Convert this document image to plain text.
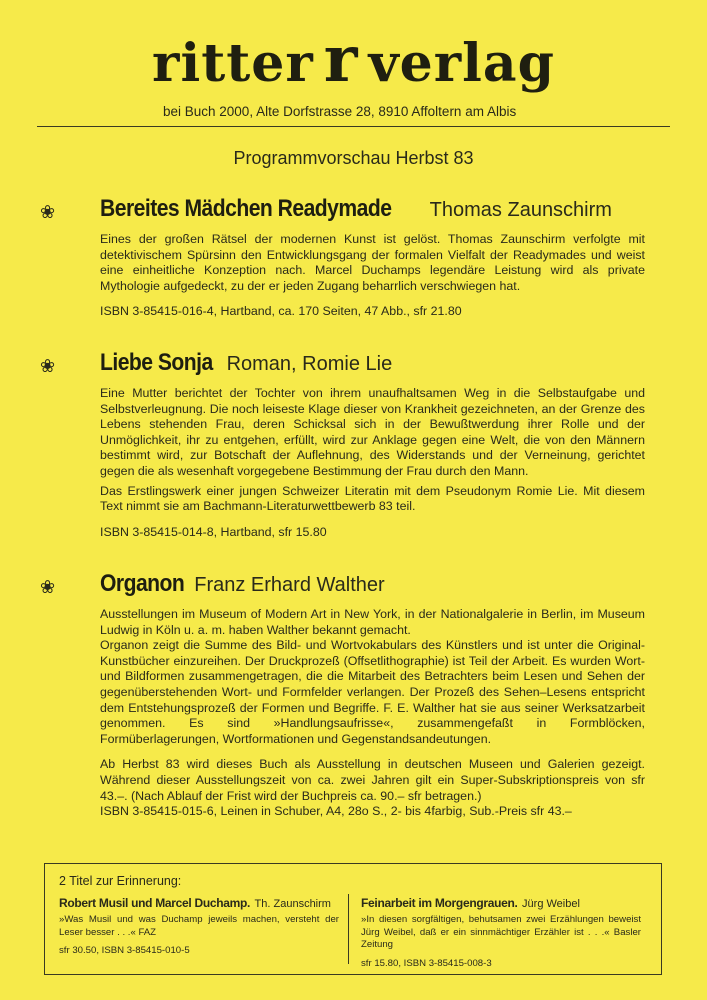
ritter r verlag
bei Buch 2000, Alte Dorfstrasse 28, 8910 Affoltern am Albis
Programmvorschau Herbst 83
❀ Bereites Mädchen Readymade Thomas Zaunschirm

Eines der großen Rätsel der modernen Kunst ist gelöst. Thomas Zaunschirm verfolgte mit detektivischem Spürsinn den Entwicklungsgang der formalen Vielfalt der Readymades und weist eine einheitliche Konzeption nach. Marcel Duchamps legendäre Leistung wird als private Mythologie aufgedeckt, zu der er jeden Zugang beharrlich verschwiegen hat.

ISBN 3-85415-016-4, Hartband, ca. 170 Seiten, 47 Abb., sfr 21.80

❀ Liebe Sonja Roman, Romie Lie

Eine Mutter berichtet der Tochter von ihrem unaufhaltsamen Weg in die Selbstaufgabe und Selbstverleugnung. Die noch leiseste Klage dieser von Krankheit gezeichneten, an der Grenze des Lebens stehenden Frau, deren Schicksal sich in der Bewußtwerdung ihrer Rolle und der Unmöglichkeit, ihr zu entgehen, erfüllt, wird zur Anklage gegen eine Welt, die von den Männern bestimmt wird, zur Botschaft der Auflehnung, des Widerstands und der Verneinung, gerichtet gegen die als wesenhaft vorgegebene Bestimmung der Frau durch den Mann.

Das Erstlingswerk einer jungen Schweizer Literatin mit dem Pseudonym Romie Lie. Mit diesem Text nimmt sie am Bachmann-Literaturwettbewerb 83 teil.

ISBN 3-85415-014-8, Hartband, sfr 15.80

❀ Organon Franz Erhard Walther

Ausstellungen im Museum of Modern Art in New York, in der Nationalgalerie in Berlin, im Museum Ludwig in Köln u. a. m. haben Walther bekannt gemacht.

Organon zeigt die Summe des Bild- und Wortvokabulars des Künstlers und ist unter die Original-Kunstbücher einzureihen. Der Druckprozeß (Offsetlithographie) ist Teil der Arbeit. Es wurden Wort- und Bildformen zusammengetragen, die die Mitarbeit des Betrachters beim Lesen und Sehen der gegenüberstehenden Wort- und Formfelder verlangen. Der Prozeß des Sehen–Lesens entspricht dem Entstehungsprozeß der Formen und Begriffe. F. E. Walther hat sie aus seiner Werksatzarbeit genommen. Es sind »Handlungsaufrisse«, zusammengefaßt in Formblöcken, Formüberlagerungen, Wortformationen und Gegenstandsandeutungen.

Ab Herbst 83 wird dieses Buch als Ausstellung in deutschen Museen und Galerien gezeigt. Während dieser Ausstellungszeit von ca. zwei Jahren gilt ein Super-Subskriptionspreis von sfr 43.–. (Nach Ablauf der Frist wird der Buchpreis ca. 90.– sfr betragen.)

ISBN 3-85415-015-6, Leinen in Schuber, A4, 28o S., 2- bis 4farbig, Sub.-Preis sfr 43.–

2 Titel zur Erinnerung:
Robert Musil und Marcel Duchamp. Th. Zaunschirm
»Was Musil und was Duchamp jeweils machen, versteht der Leser besser . . .« FAZ
sfr 30.50, ISBN 3-85415-010-5
Feinarbeit im Morgengrauen. Jürg Weibel
»In diesen sorgfältigen, behutsamen zwei Erzählungen beweist Jürg Weibel, daß er ein sinnmächtiger Erzähler ist . . .« Basler Zeitung
sfr 15.80, ISBN 3-85415-008-3
